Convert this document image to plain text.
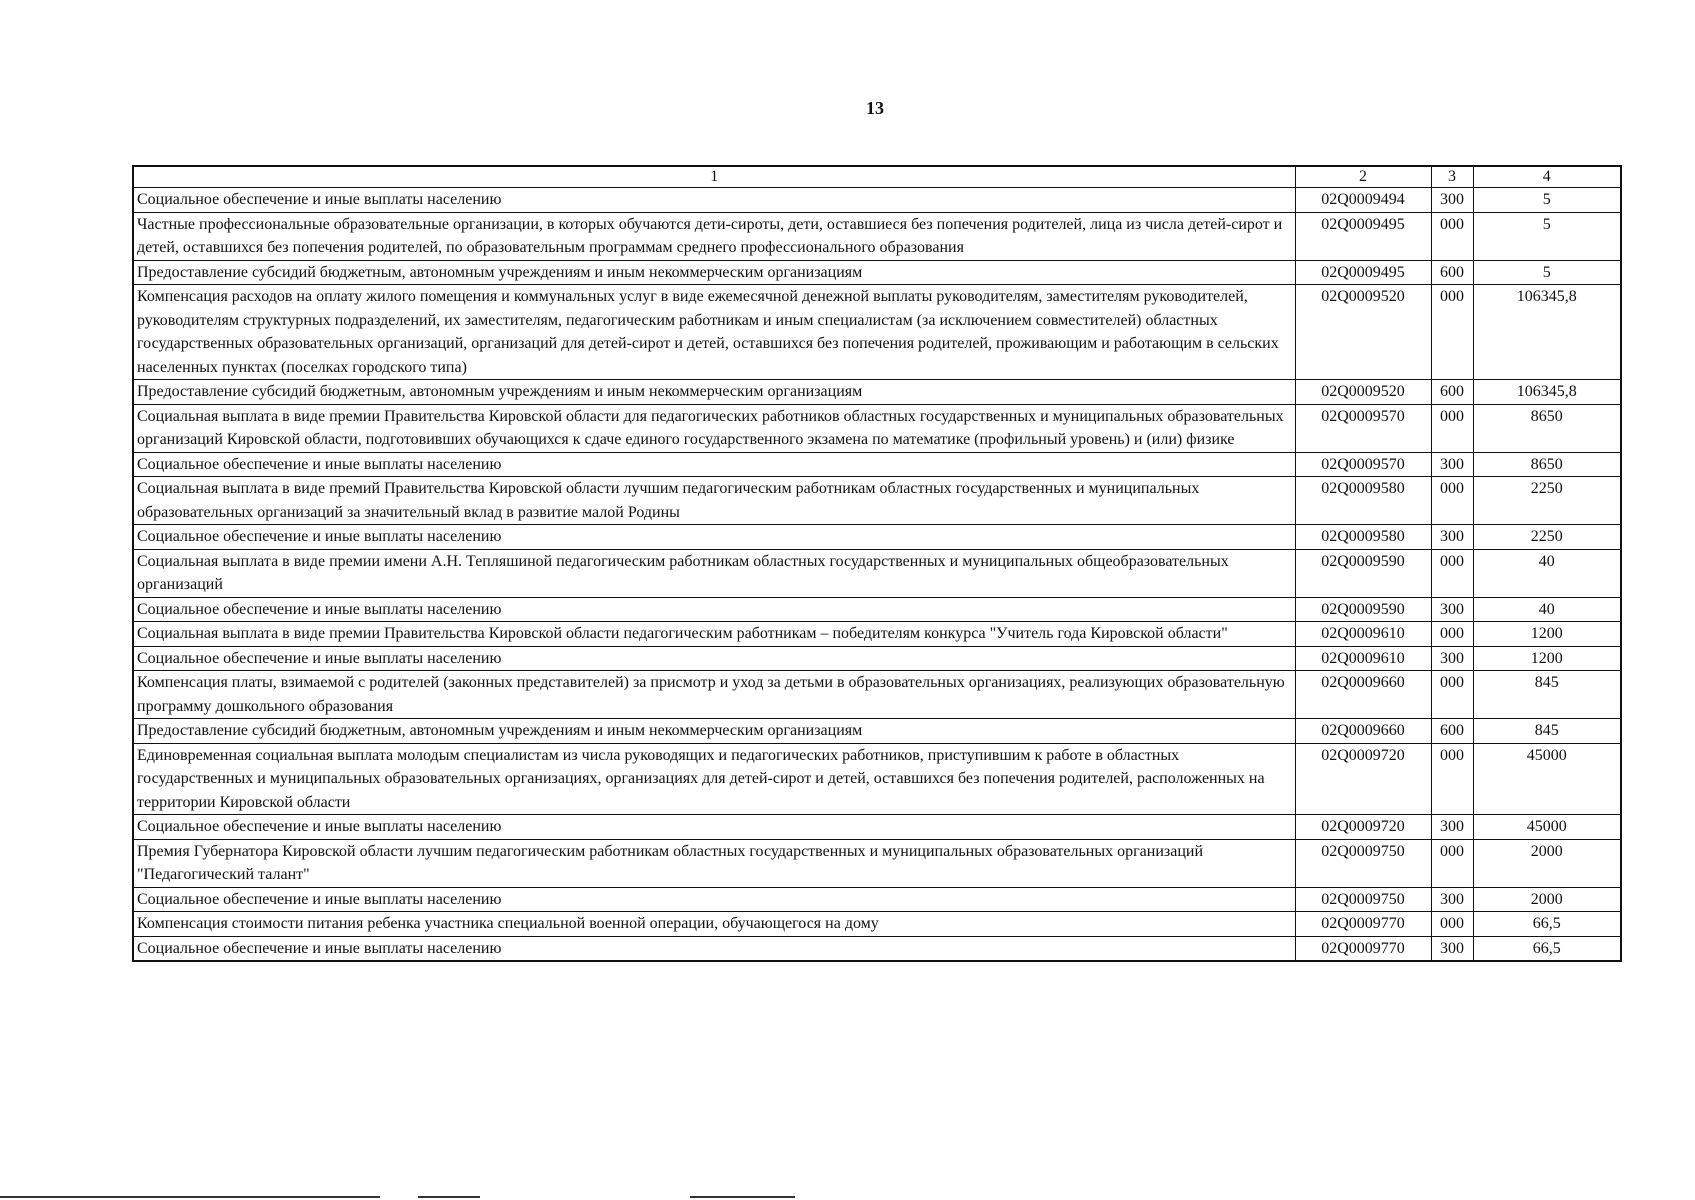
13
1	2	3	4
Социальное обеспечение и иные выплаты населению	02Q0009494	300	5
Частные профессиональные образовательные организации, в которых обучаются дети-сироты, дети, оставшиеся без попечения родителей, лица из числа детей-сирот и детей, оставшихся без попечения родителей, по образовательным программам среднего профессионального образования	02Q0009495	000	5
Предоставление субсидий бюджетным, автономным учреждениям и иным некоммерческим организациям	02Q0009495	600	5
Компенсация расходов на оплату жилого помещения и коммунальных услуг в виде ежемесячной денежной выплаты руководителям, заместителям руководителей, руководителям структурных подразделений, их заместителям, педагогическим работникам и иным специалистам (за исключением совместителей) областных государственных образовательных организаций, организаций для детей-сирот и детей, оставшихся без попечения родителей, проживающим и работающим в сельских населенных пунктах (поселках городского типа)	02Q0009520	000	106345,8
Предоставление субсидий бюджетным, автономным учреждениям и иным некоммерческим организациям	02Q0009520	600	106345,8
Социальная выплата в виде премии Правительства Кировской области для педагогических работников областных государственных и муниципальных образовательных организаций Кировской области, подготовивших обучающихся к сдаче единого государственного экзамена по математике (профильный уровень) и (или) физике	02Q0009570	000	8650
Социальное обеспечение и иные выплаты населению	02Q0009570	300	8650
Социальная выплата в виде премий Правительства Кировской области лучшим педагогическим работникам областных государственных и муниципальных образовательных организаций за значительный вклад в развитие малой Родины	02Q0009580	000	2250
Социальное обеспечение и иные выплаты населению	02Q0009580	300	2250
Социальная выплата в виде премии имени А.Н. Тепляшиной педагогическим работникам областных государственных и муниципальных общеобразовательных организаций	02Q0009590	000	40
Социальное обеспечение и иные выплаты населению	02Q0009590	300	40
Социальная выплата в виде премии Правительства Кировской области педагогическим работникам – победителям конкурса "Учитель года Кировской области"	02Q0009610	000	1200
Социальное обеспечение и иные выплаты населению	02Q0009610	300	1200
Компенсация платы, взимаемой с родителей (законных представителей) за присмотр и уход за детьми в образовательных организациях, реализующих образовательную программу дошкольного образования	02Q0009660	000	845
Предоставление субсидий бюджетным, автономным учреждениям и иным некоммерческим организациям	02Q0009660	600	845
Единовременная социальная выплата молодым специалистам из числа руководящих и педагогических работников, приступившим к работе в областных государственных и муниципальных образовательных организациях, организациях для детей-сирот и детей, оставшихся без попечения родителей, расположенных на территории Кировской области	02Q0009720	000	45000
Социальное обеспечение и иные выплаты населению	02Q0009720	300	45000
Премия Губернатора Кировской области лучшим педагогическим работникам областных государственных и муниципальных образовательных организаций "Педагогический талант"	02Q0009750	000	2000
Социальное обеспечение и иные выплаты населению	02Q0009750	300	2000
Компенсация стоимости питания ребенка участника специальной военной операции, обучающегося на дому	02Q0009770	000	66,5
Социальное обеспечение и иные выплаты населению	02Q0009770	300	66,5
